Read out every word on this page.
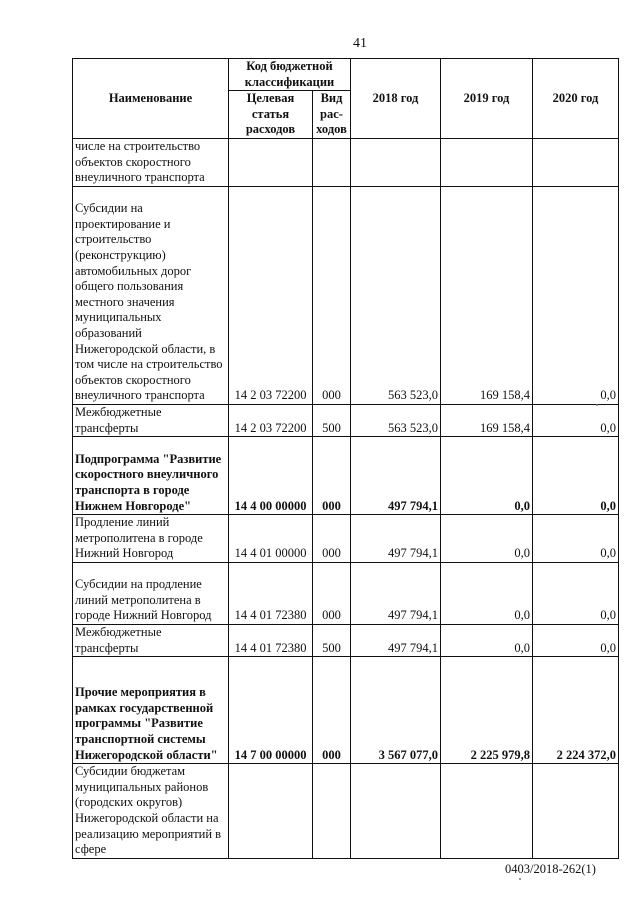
41
Наименование	Код бюджетной классификации		2018 год	2019 год	2020 год
	Целевая статья расходов	Вид рас- ходов			
числе на строительство объектов скоростного внеуличного транспорта					
Субсидии на проектирование и строительство (реконструкцию) автомобильных дорог общего пользования местного значения муниципальных образований Нижегородской области, в том числе на строительство объектов скоростного внеуличного транспорта	14 2 03 72200	000	563 523,0	169 158,4	0,0
Межбюджетные трансферты	14 2 03 72200	500	563 523,0	169 158,4	0,0
Подпрограмма "Развитие скоростного внеуличного транспорта в городе Нижнем Новгороде"	14 4 00 00000	000	497 794,1	0,0	0,0
Продление линий метрополитена в городе Нижний Новгород	14 4 01 00000	000	497 794,1	0,0	0,0
Субсидии на продление линий метрополитена в городе Нижний Новгород	14 4 01 72380	000	497 794,1	0,0	0,0
Межбюджетные трансферты	14 4 01 72380	500	497 794,1	0,0	0,0
Прочие мероприятия в рамках государственной программы "Развитие транспортной системы Нижегородской области"	14 7 00 00000	000	3 567 077,0	2 225 979,8	2 224 372,0
Субсидии бюджетам муниципальных районов (городских округов) Нижегородской области на реализацию мероприятий в сфере					
0403/2018-262(1)
